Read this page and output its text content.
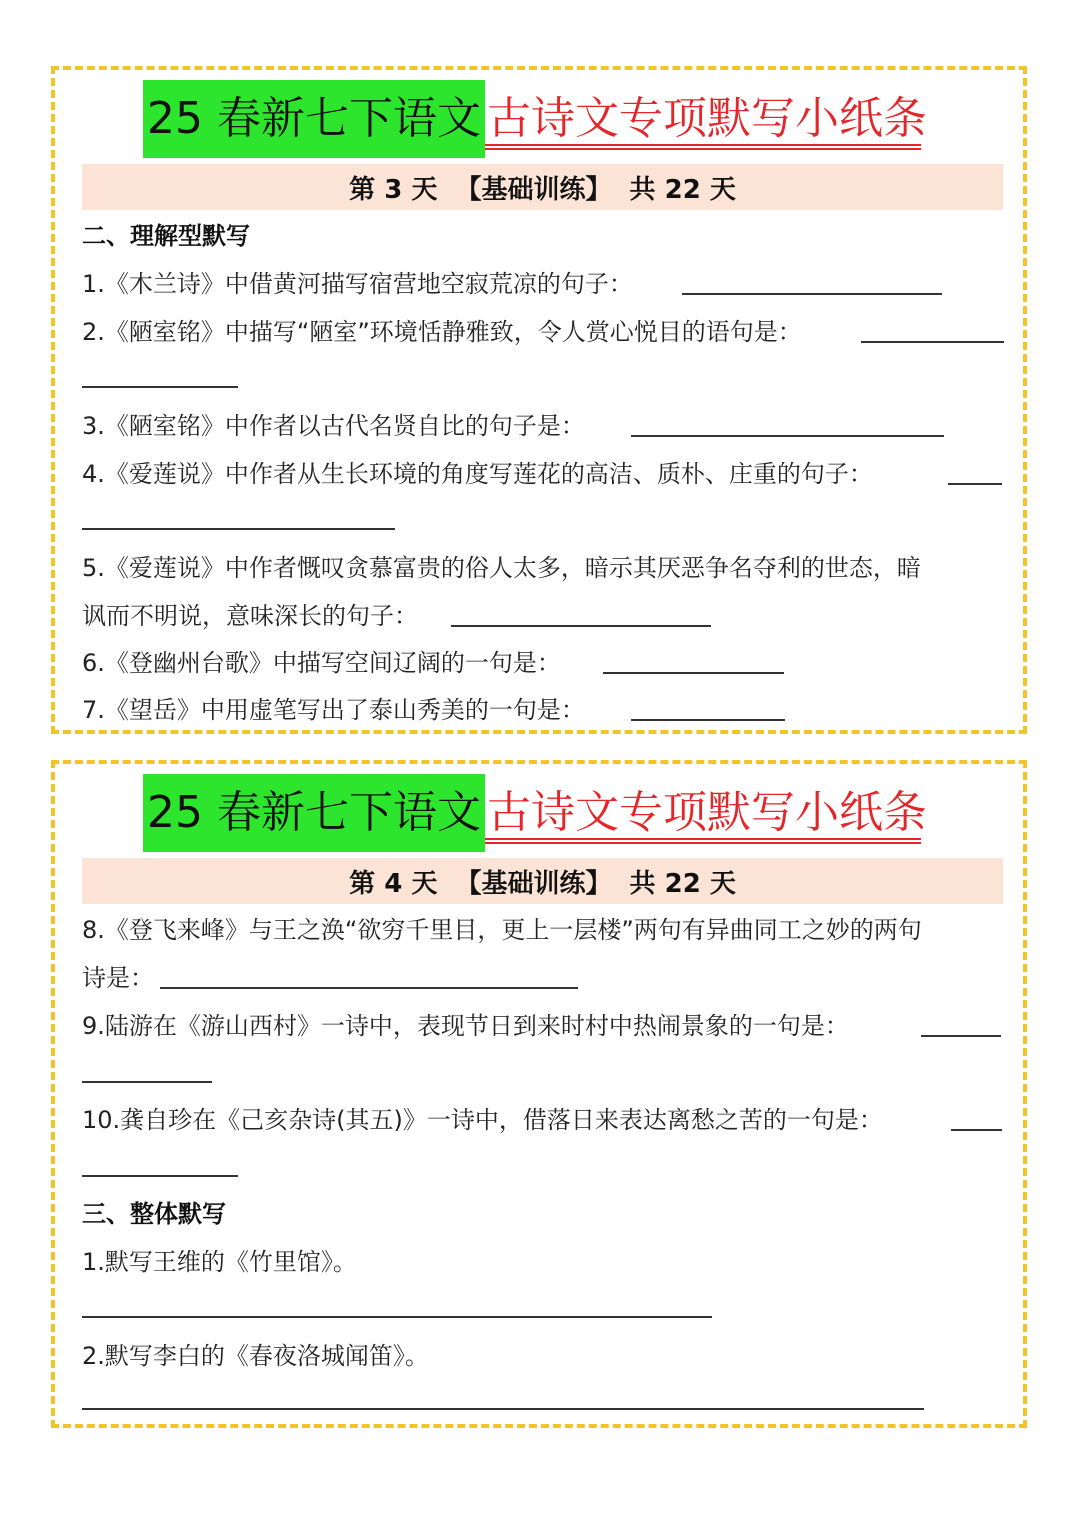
25 春新七下语文 古诗文专项默写小纸条
第 3 天  【基础训练】  共 22 天
二、理解型默写
1.《木兰诗》中借黄河描写宿营地空寂荒凉的句子：
2.《陋室铭》中描写“陋室”环境恬静雅致，令人赏心悦目的语句是：
3.《陋室铭》中作者以古代名贤自比的句子是：
4.《爱莲说》中作者从生长环境的角度写莲花的高洁、质朴、庄重的句子：
5.《爱莲说》中作者慨叹贪慕富贵的俗人太多，暗示其厌恶争名夺利的世态，暗
讽而不明说，意味深长的句子：
6.《登幽州台歌》中描写空间辽阔的一句是：
7.《望岳》中用虚笔写出了泰山秀美的一句是：
25 春新七下语文 古诗文专项默写小纸条
第 4 天  【基础训练】  共 22 天
8.《登飞来峰》与王之涣“欲穷千里目，更上一层楼”两句有异曲同工之妙的两句
诗是：
9.陆游在《游山西村》一诗中，表现节日到来时村中热闹景象的一句是：
10.龚自珍在《己亥杂诗(其五)》一诗中，借落日来表达离愁之苦的一句是：
三、整体默写
1.默写王维的《竹里馆》。
2.默写李白的《春夜洛城闻笛》。
